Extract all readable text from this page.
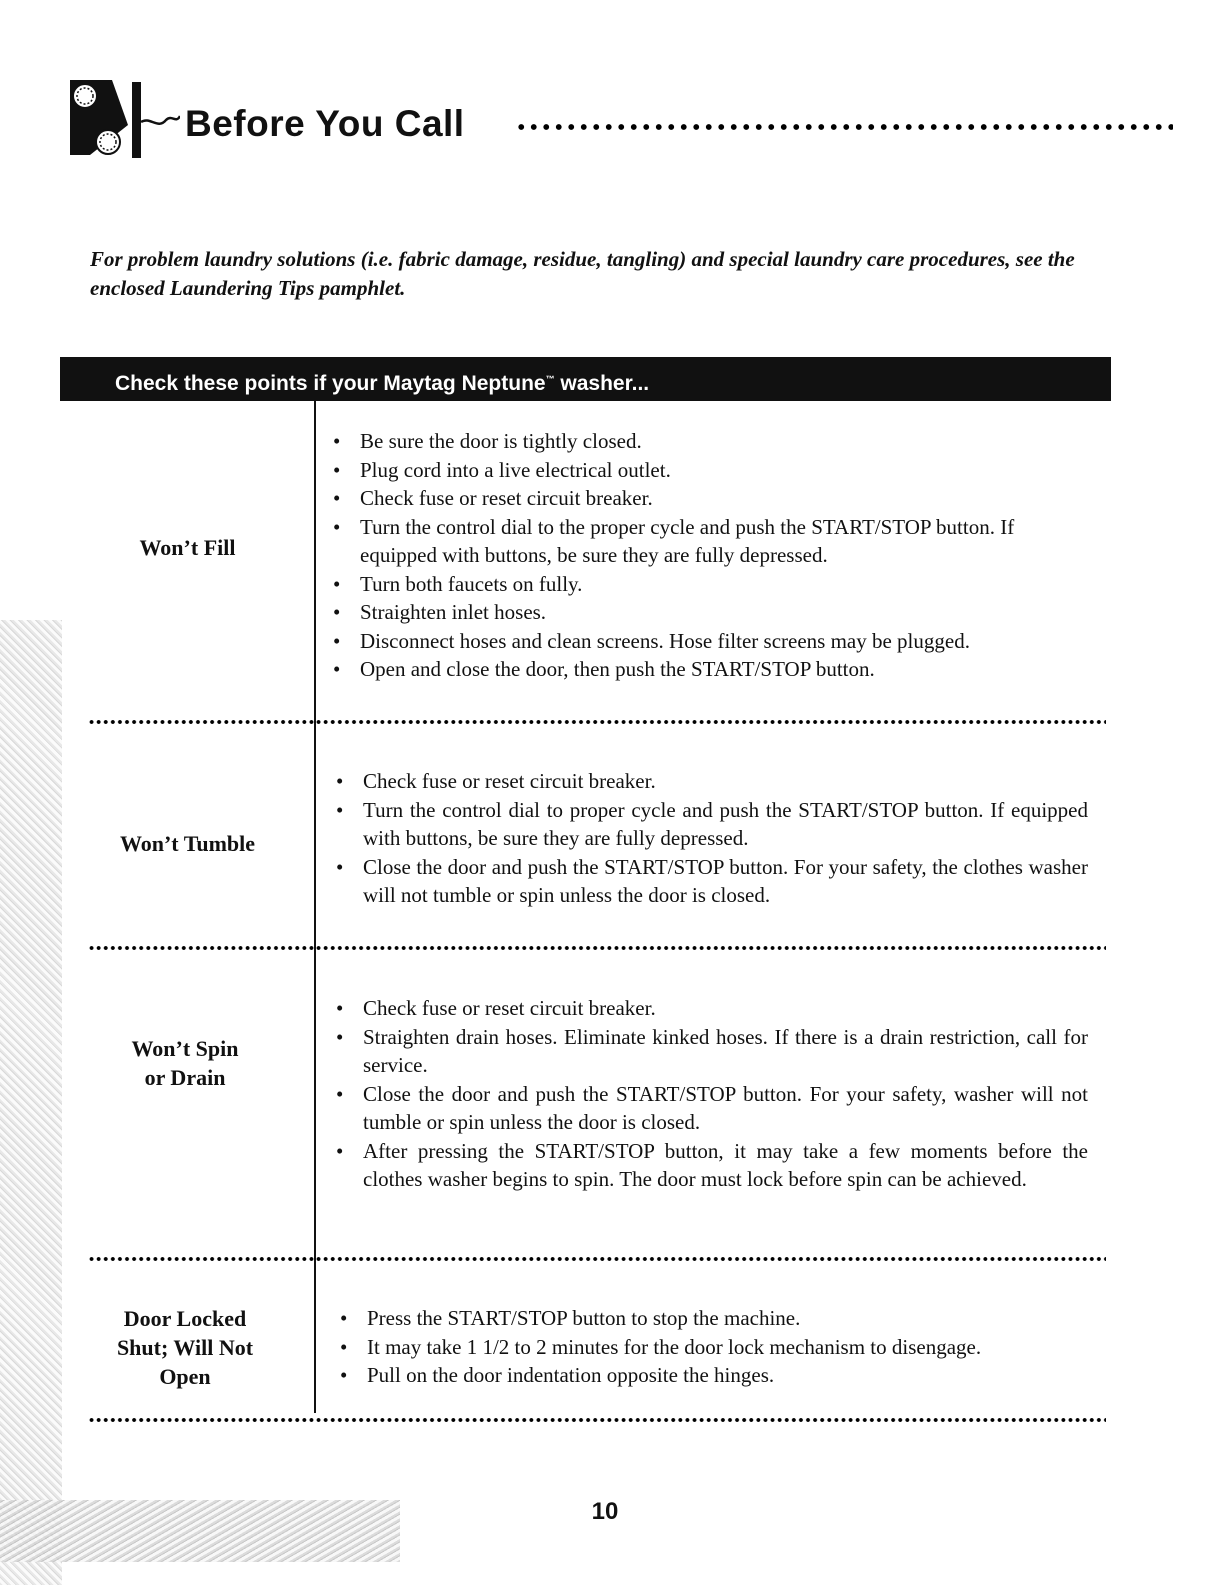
Before You Call
For problem laundry solutions (i.e. fabric damage, residue, tangling) and special laundry care procedures, see the enclosed Laundering Tips pamphlet.
Check these points if your Maytag Neptune™ washer...
Won’t Fill
• Be sure the door is tightly closed.
• Plug cord into a live electrical outlet.
• Check fuse or reset circuit breaker.
• Turn the control dial to the proper cycle and push the START/STOP button. If equipped with buttons, be sure they are fully depressed.
• Turn both faucets on fully.
• Straighten inlet hoses.
• Disconnect hoses and clean screens. Hose filter screens may be plugged.
• Open and close the door, then push the START/STOP button.
Won’t Tumble
• Check fuse or reset circuit breaker.
• Turn the control dial to proper cycle and push the START/STOP button. If equipped with buttons, be sure they are fully depressed.
• Close the door and push the START/STOP button. For your safety, the clothes washer will not tumble or spin unless the door is closed.
Won’t Spin or Drain
• Check fuse or reset circuit breaker.
• Straighten drain hoses. Eliminate kinked hoses. If there is a drain restriction, call for service.
• Close the door and push the START/STOP button. For your safety, washer will not tumble or spin unless the door is closed.
• After pressing the START/STOP button, it may take a few moments before the clothes washer begins to spin. The door must lock before spin can be achieved.
Door Locked Shut; Will Not Open
• Press the START/STOP button to stop the machine.
• It may take 1 1/2 to 2 minutes for the door lock mechanism to disengage.
• Pull on the door indentation opposite the hinges.
10
